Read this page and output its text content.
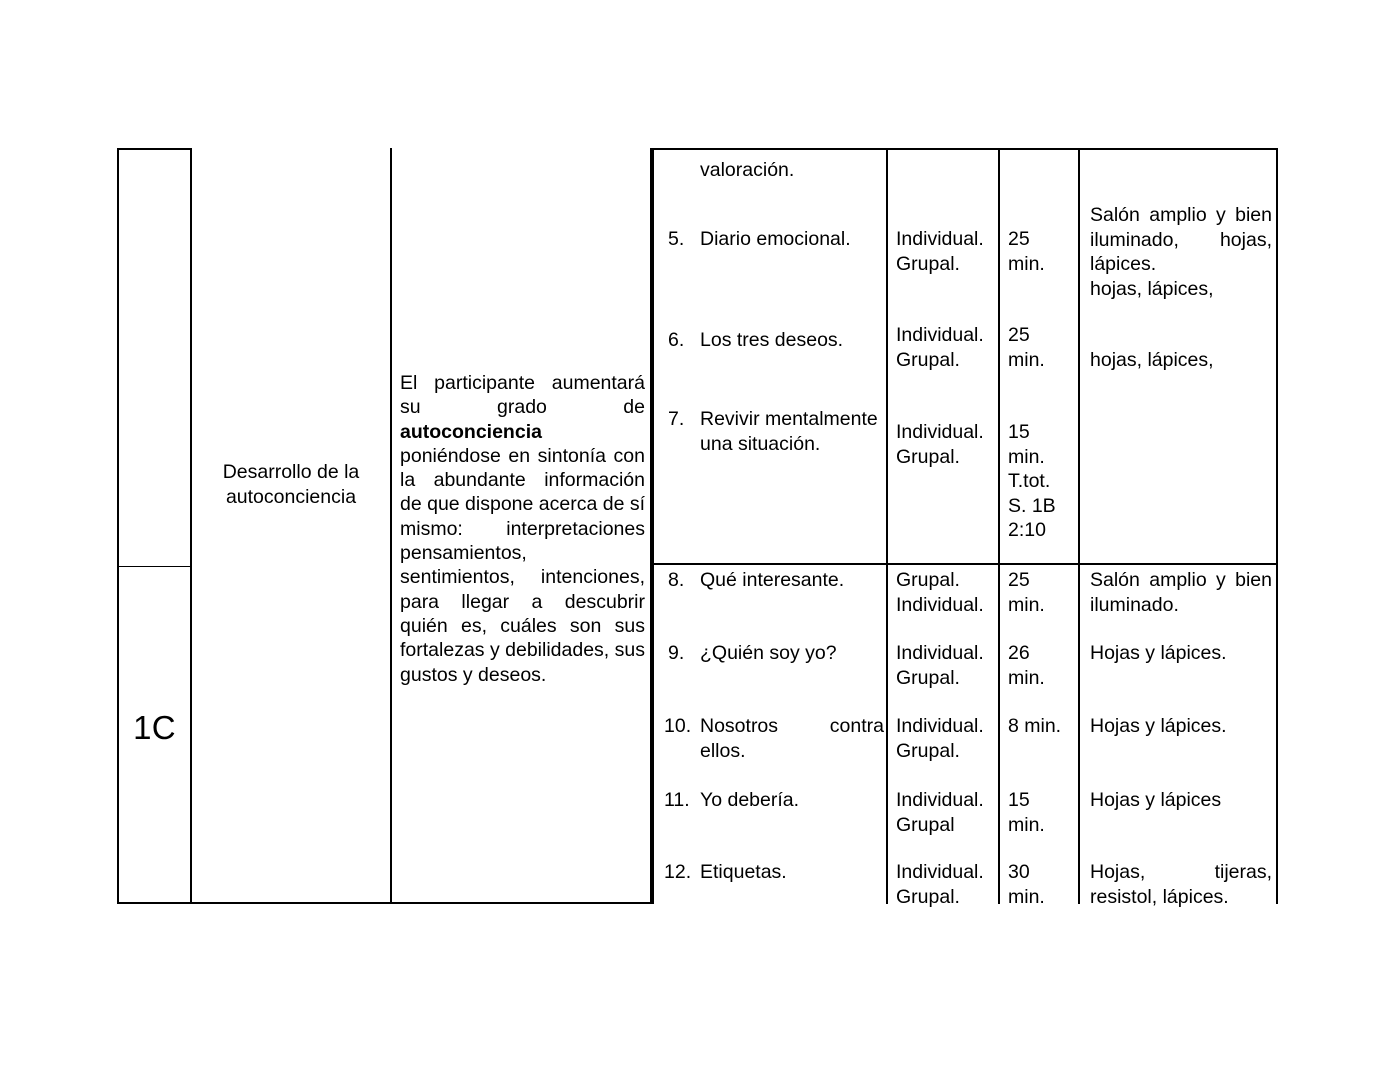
1C
Desarrollo de la autoconciencia
El participante aumentará su grado de autoconciencia poniéndose en sintonía con la abundante información de que dispone acerca de sí mismo: interpretaciones pensamientos, sentimientos, intenciones, para llegar a descubrir quién es, cuáles son sus fortalezas y debilidades, sus gustos y deseos.
valoración.
5. Diario emocional.
6. Los tres deseos.
7. Revivir mentalmente una situación.
Individual.
Grupal.
Individual.
Grupal.
Individual.
Grupal.
25
min.
25
min.
15
min.
T.tot.
S. 1B
2:10
Salón amplio y bien iluminado, hojas, lápices.
hojas, lápices,
hojas, lápices,
8. Qué interesante.
9. ¿Quién soy yo?
10. Nosotros contra ellos.
11. Yo debería.
12. Etiquetas.
Grupal.
Individual.
Individual.
Grupal.
Individual.
Grupal.
Individual.
Grupal
Individual.
Grupal.
25
min.
26
min.
8 min.
15
min.
30
min.
Salón amplio y bien iluminado.
Hojas y lápices.
Hojas y lápices.
Hojas y lápices
Hojas, tijeras, resistol, lápices.
